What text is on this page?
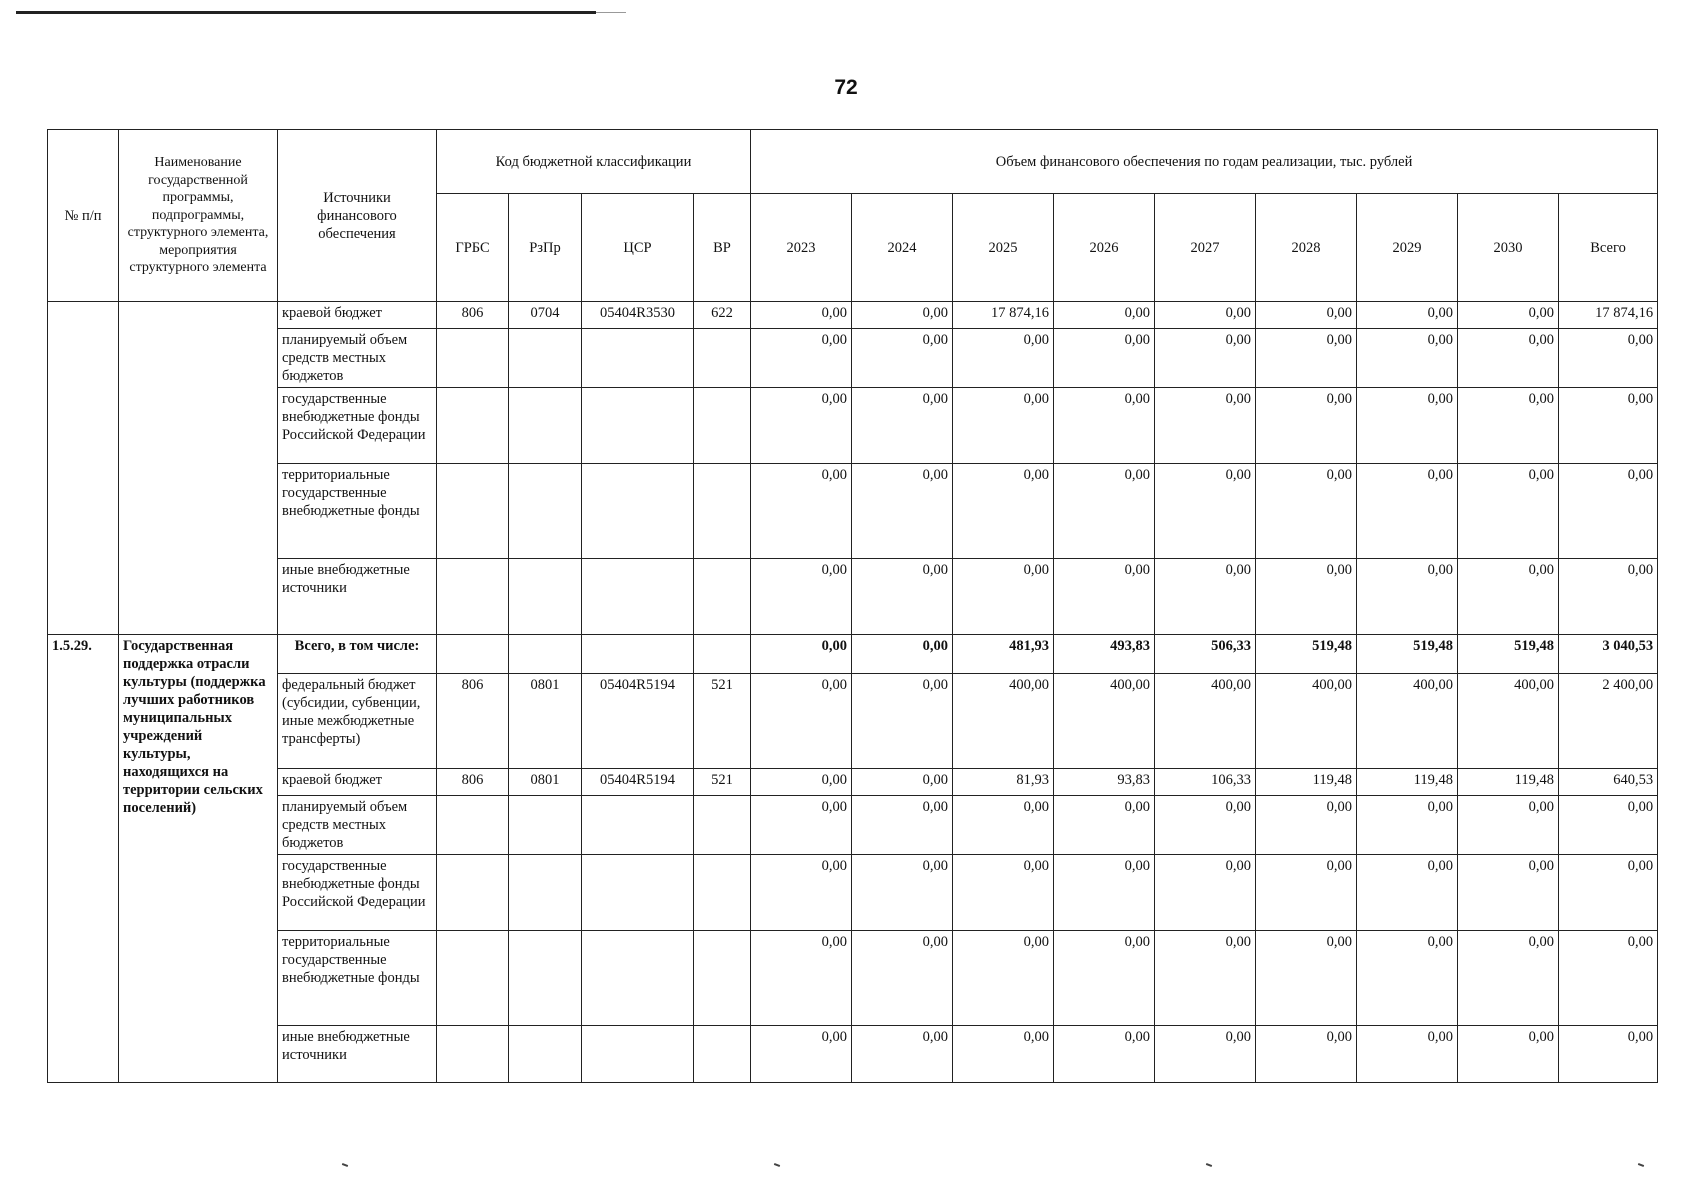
72
№ п/п	Наименование государственной программы, подпрограммы, структурного элемента, мероприятия структурного элемента	Источники финансового обеспечения	Код бюджетной классификации				Объем финансового обеспечения по годам реализации, тыс. рублей								
			ГРБС	РзПр	ЦСР	ВР	2023	2024	2025	2026	2027	2028	2029	2030	Всего
		краевой бюджет	806	0704	05404R3530	622	0,00	0,00	17 874,16	0,00	0,00	0,00	0,00	0,00	17 874,16
		планируемый объем средств местных бюджетов					0,00	0,00	0,00	0,00	0,00	0,00	0,00	0,00	0,00
		государственные внебюджетные фонды Российской Федерации					0,00	0,00	0,00	0,00	0,00	0,00	0,00	0,00	0,00
		территориальные государственные внебюджетные фонды					0,00	0,00	0,00	0,00	0,00	0,00	0,00	0,00	0,00
		иные внебюджетные источники					0,00	0,00	0,00	0,00	0,00	0,00	0,00	0,00	0,00
1.5.29.	Государственная поддержка отрасли культуры (поддержка лучших работников муниципальных учреждений культуры, находящихся на территории сельских поселений)	Всего, в том числе:					0,00	0,00	481,93	493,83	506,33	519,48	519,48	519,48	3 040,53
		федеральный бюджет (субсидии, субвенции, иные межбюджетные трансферты)	806	0801	05404R5194	521	0,00	0,00	400,00	400,00	400,00	400,00	400,00	400,00	2 400,00
		краевой бюджет	806	0801	05404R5194	521	0,00	0,00	81,93	93,83	106,33	119,48	119,48	119,48	640,53
		планируемый объем средств местных бюджетов					0,00	0,00	0,00	0,00	0,00	0,00	0,00	0,00	0,00
		государственные внебюджетные фонды Российской Федерации					0,00	0,00	0,00	0,00	0,00	0,00	0,00	0,00	0,00
		территориальные государственные внебюджетные фонды					0,00	0,00	0,00	0,00	0,00	0,00	0,00	0,00	0,00
		иные внебюджетные источники					0,00	0,00	0,00	0,00	0,00	0,00	0,00	0,00	0,00
